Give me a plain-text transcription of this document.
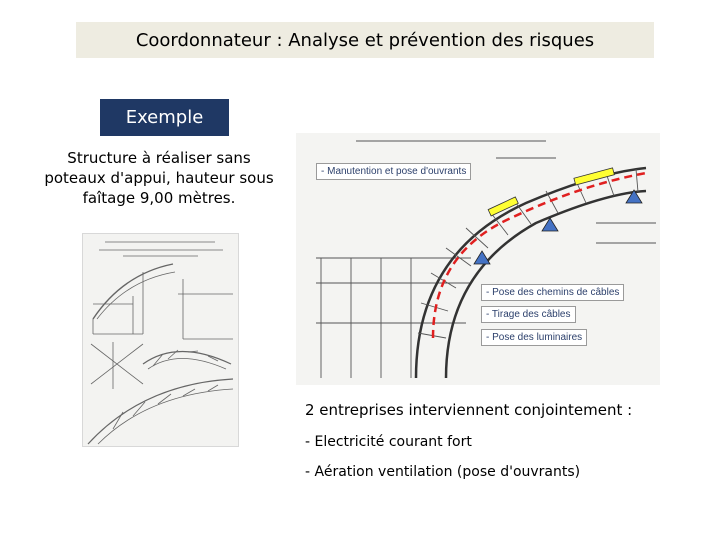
Coordonnateur : Analyse et prévention des risques
Exemple
Structure à réaliser sans
poteaux d'appui, hauteur sous
faîtage 9,00 mètres.
- Manutention et pose d'ouvrants
- Pose des chemins de câbles
- Tirage des câbles
- Pose des luminaires
2 entreprises interviennent conjointement :
- Electricité courant fort
- Aération ventilation (pose d'ouvrants)
